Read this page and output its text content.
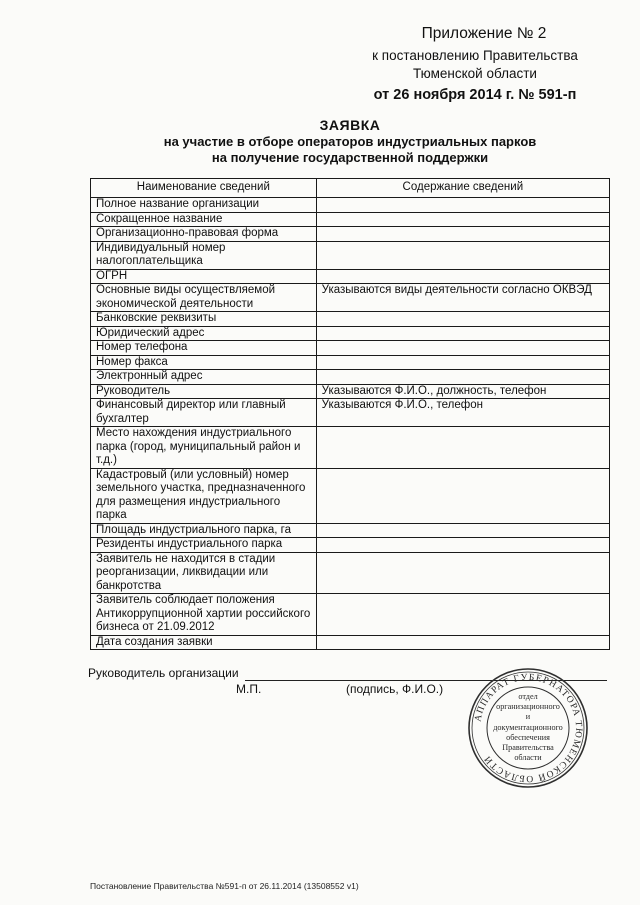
Приложение № 2
к постановлению Правительства
Тюменской области
от 26 ноября 2014 г. № 591-п
ЗАЯВКА
на участие в отборе операторов индустриальных парков
на получение государственной поддержки
Наименование сведений	Содержание сведений
Полное название организации	
Сокращенное название	
Организационно-правовая форма	
Индивидуальный номер налогоплательщика	
ОГРН	
Основные виды осуществляемой экономической деятельности	Указываются виды деятельности согласно ОКВЭД
Банковские реквизиты	
Юридический адрес	
Номер телефона	
Номер факса	
Электронный адрес	
Руководитель	Указываются Ф.И.О., должность, телефон
Финансовый директор или главный бухгалтер	Указываются Ф.И.О., телефон
Место нахождения индустриального парка (город, муниципальный район и т.д.)	
Кадастровый (или условный) номер земельного участка, предназначенного для размещения индустриального парка	
Площадь индустриального парка, га	
Резиденты индустриального парка	
Заявитель не находится в стадии реорганизации, ликвидации или банкротства	
Заявитель соблюдает положения Антикоррупционной хартии российского бизнеса от 21.09.2012	
Дата создания заявки	
Руководитель организации
М.П.	(подпись, Ф.И.О.)
АППАРАТ ГУБЕРНАТОРА ТЮМЕНСКОЙ ОБЛАСТИ
отдел
организационного
и
документационного
обеспечения
Правительства
области
Постановление Правительства №591-п от 26.11.2014 (13508552 v1)
